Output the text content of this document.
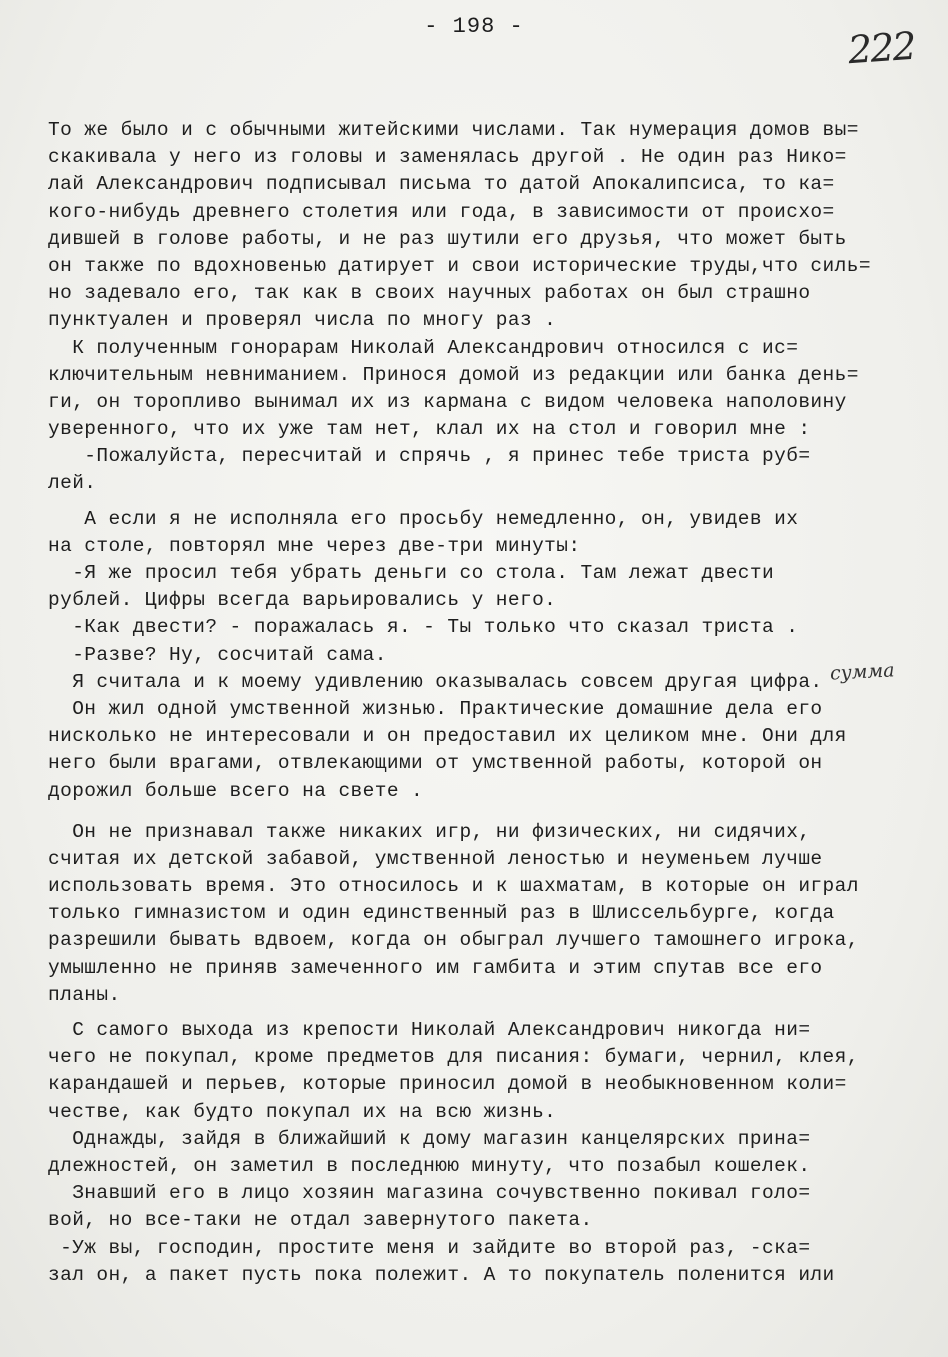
- 198 -	222
сумма
То же было и с обычными житейскими числами. Так нумерация домов вы=
скакивала у него из головы и заменялась другой . Не один раз Нико=
лай Александрович подписывал письма то датой Апокалипсиса, то ка=
кого-нибудь древнего столетия или года, в зависимости от происхо=
дившей в голове работы, и не раз шутили его друзья, что может быть
он также по вдохновенью датирует и свои исторические труды,что силь=
но задевало его, так как в своих научных работах он был страшно
пунктуален и проверял числа по многу раз .
К полученным гонорарам Николай Александрович относился с ис=
ключительным невниманием. Принося домой из редакции или банка день=
ги, он торопливо вынимал их из кармана с видом человека наполовину
уверенного, что их уже там нет, клал их на стол и говорил мне :
-Пожалуйста, пересчитай и спрячь , я принес тебе триста руб=
лей.
А если я не исполняла его просьбу немедленно, он, увидев их
на столе, повторял мне через две-три минуты:
-Я же просил тебя убрать деньги со стола. Там лежат двести
рублей. Цифры всегда варьировались у него.
-Как двести? - поражалась я. - Ты только что сказал триста .
-Разве? Ну, сосчитай сама.
Я считала и к моему удивлению оказывалась совсем другая цифра.
Он жил одной умственной жизнью. Практические домашние дела его
нисколько не интересовали и он предоставил их целиком мне. Они для
него были врагами, отвлекающими от умственной работы, которой он
дорожил больше всего на свете .
Он не признавал также никаких игр, ни физических, ни сидячих,
считая их детской забавой, умственной леностью и неуменьем лучше
использовать время. Это относилось и к шахматам, в которые он играл
только гимназистом и один единственный раз в Шлиссельбурге, когда
разрешили бывать вдвоем, когда он обыграл лучшего тамошнего игрока,
умышленно не приняв замеченного им гамбита и этим спутав все его
планы.
С самого выхода из крепости Николай Александрович никогда ни=
чего не покупал, кроме предметов для писания: бумаги, чернил, клея,
карандашей и перьев, которые приносил домой в необыкновенном коли=
честве, как будто покупал их на всю жизнь.
Однажды, зайдя в ближайший к дому магазин канцелярских прина=
длежностей, он заметил в последнюю минуту, что позабыл кошелек.
Знавший его в лицо хозяин магазина сочувственно покивал голо=
вой, но все-таки не отдал завернутого пакета.
-Уж вы, господин, простите меня и зайдите во второй раз, -ска=
зал он, а пакет пусть пока полежит. А то покупатель поленится или
